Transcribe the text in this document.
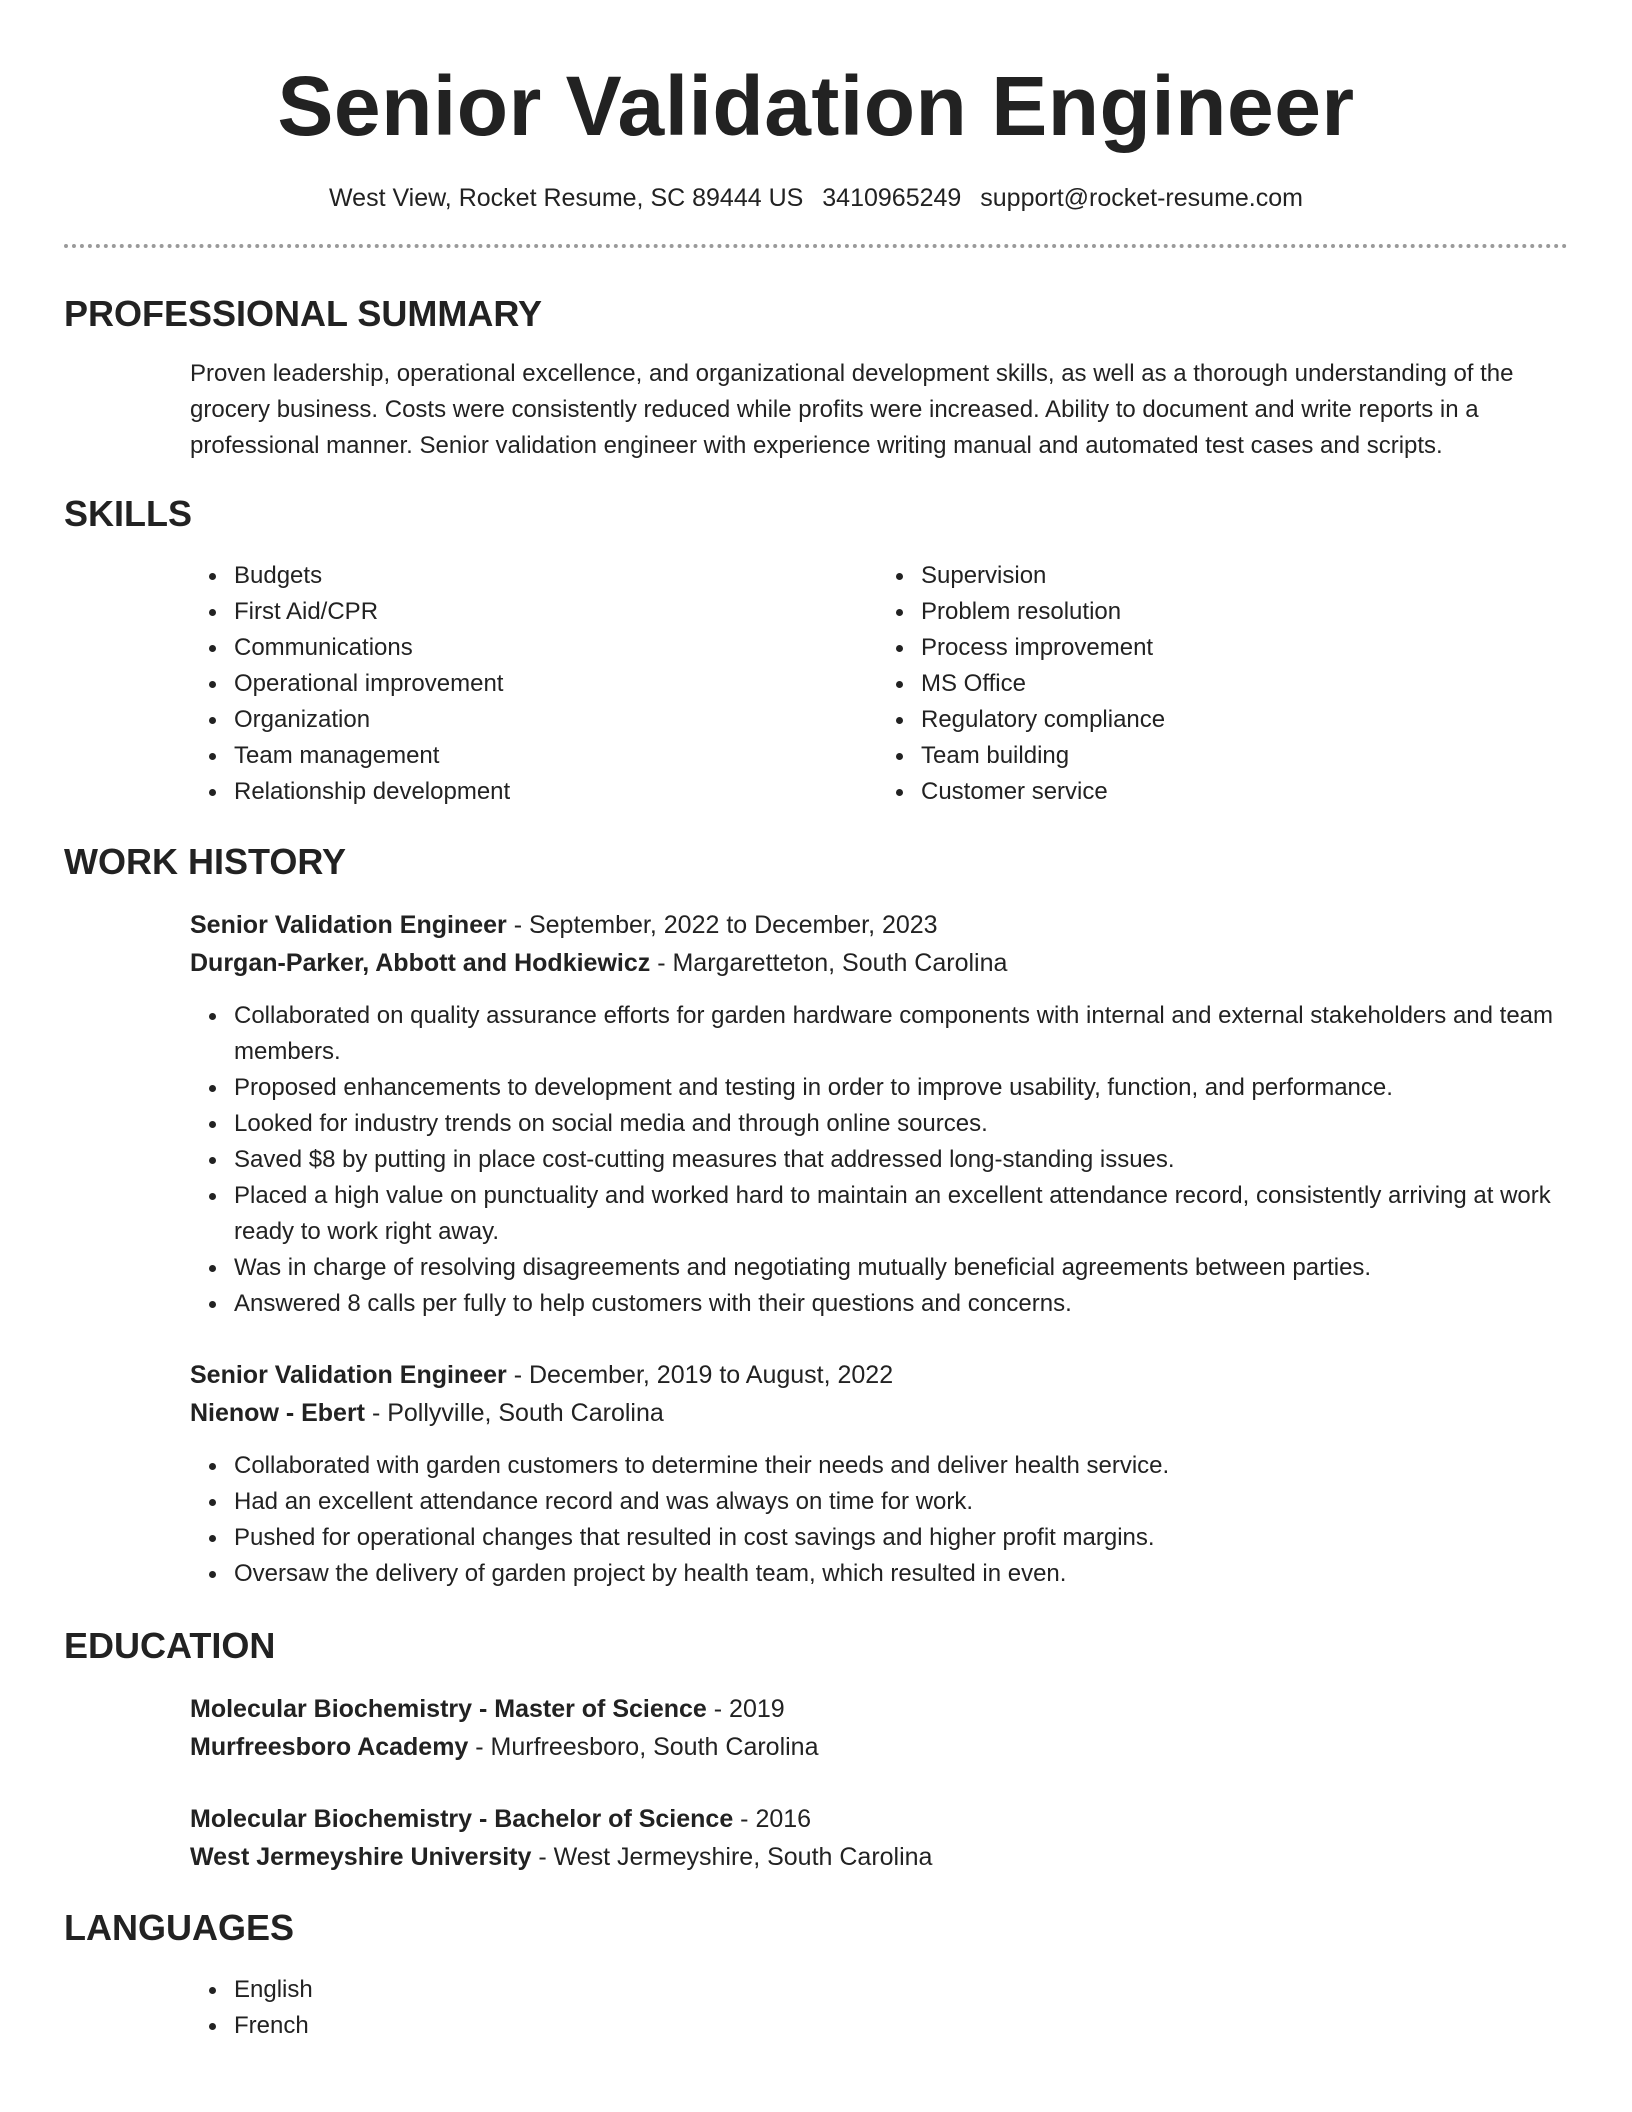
Senior Validation Engineer
West View, Rocket Resume, SC 89444 US 3410965249 support@rocket-resume.com
PROFESSIONAL SUMMARY

Proven leadership, operational excellence, and organizational development skills, as well as a thorough understanding of the grocery business. Costs were consistently reduced while profits were increased. Ability to document and write reports in a professional manner. Senior validation engineer with experience writing manual and automated test cases and scripts.

SKILLS
Budgets
First Aid/CPR
Communications
Operational improvement
Organization
Team management
Relationship development
Supervision
Problem resolution
Process improvement
MS Office
Regulatory compliance
Team building
Customer service
WORK HISTORY
Senior Validation Engineer - September, 2022 to December, 2023
Durgan-Parker, Abbott and Hodkiewicz - Margaretteton, South Carolina
Collaborated on quality assurance efforts for garden hardware components with internal and external stakeholders and team members.
Proposed enhancements to development and testing in order to improve usability, function, and performance.
Looked for industry trends on social media and through online sources.
Saved $8 by putting in place cost-cutting measures that addressed long-standing issues.
Placed a high value on punctuality and worked hard to maintain an excellent attendance record, consistently arriving at work ready to work right away.
Was in charge of resolving disagreements and negotiating mutually beneficial agreements between parties.
Answered 8 calls per fully to help customers with their questions and concerns.
Senior Validation Engineer - December, 2019 to August, 2022
Nienow - Ebert - Pollyville, South Carolina
Collaborated with garden customers to determine their needs and deliver health service.
Had an excellent attendance record and was always on time for work.
Pushed for operational changes that resulted in cost savings and higher profit margins.
Oversaw the delivery of garden project by health team, which resulted in even.
EDUCATION
Molecular Biochemistry - Master of Science - 2019
Murfreesboro Academy - Murfreesboro, South Carolina
Molecular Biochemistry - Bachelor of Science - 2016
West Jermeyshire University - West Jermeyshire, South Carolina
LANGUAGES
English
French
